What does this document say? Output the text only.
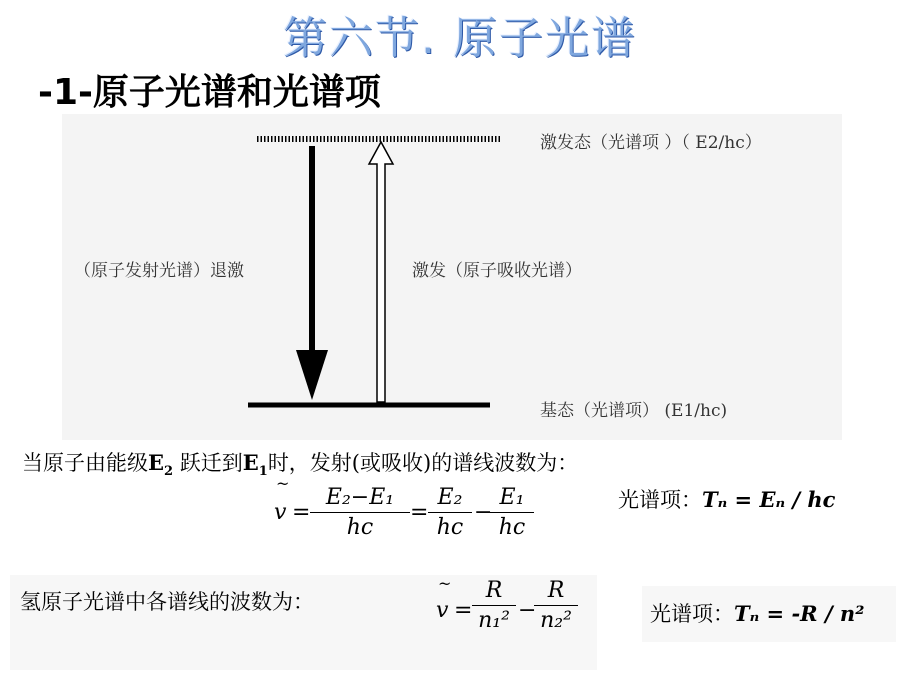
第六节. 原子光谱
-1-原子光谱和光谱项
激发态（光谱项 ）（ E2/hc）
（原子发射光谱）退激	激发（原子吸收光谱）
基态（光谱项） (E1/hc)
当原子由能级$E_2$ 跃迁到$E_1$时，发射(或吸收)的谱线波数为：
~
v =
E₂−E₁
hc
=
E₂
hc
−
E₁
hc
光谱项：Tₙ = Eₙ / hc
氢原子光谱中各谱线的波数为：
~
v =
R
n₁² −
R
n₂²	光谱项：Tₙ = -R / n²
